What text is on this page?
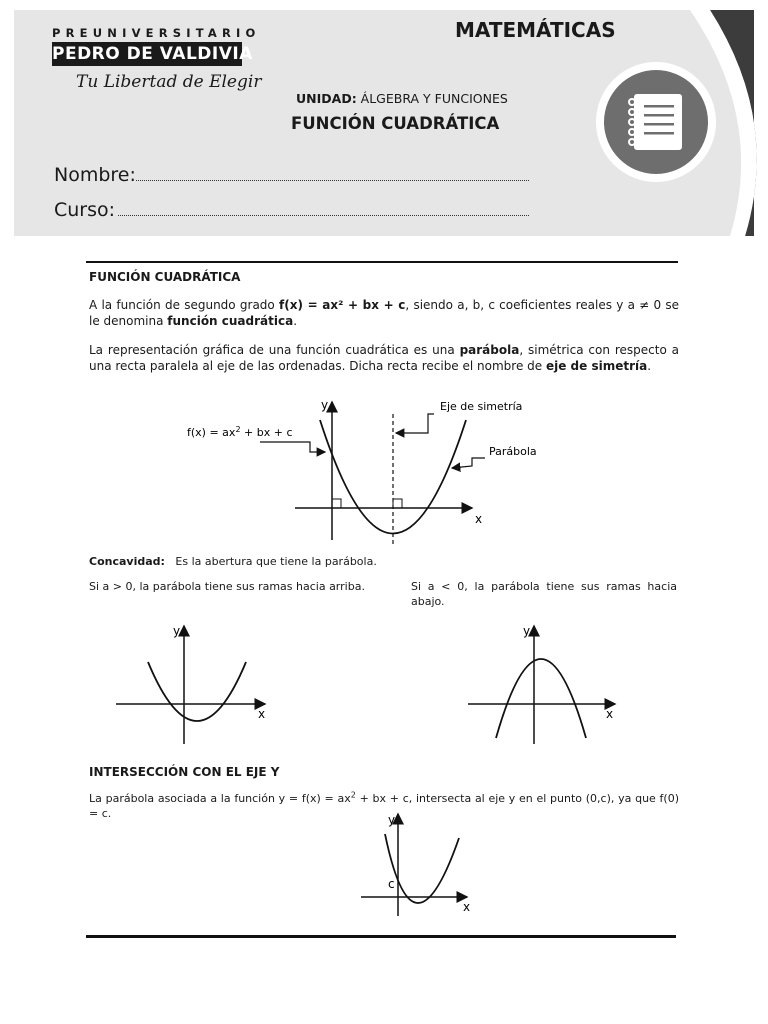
PREUNIVERSITARIO
PEDRO DE VALDIVIA
Tu Libertad de Elegir
MATEMÁTICAS
UNIDAD: ÁLGEBRA Y FUNCIONES
FUNCIÓN CUADRÁTICA
Nombre:
Curso:
FUNCIÓN CUADRÁTICA
A la función de segundo grado f(x) = ax² + bx + c, siendo a, b, c coeficientes reales y a ≠ 0 se le denomina función cuadrática.
La representación gráfica de una función cuadrática es una parábola, simétrica con respecto a una recta paralela al eje de las ordenadas. Dicha recta recibe el nombre de eje de simetría.
y
x
Eje de simetría
$f(x) = ax^2$ + bx + c
Parábola
Concavidad: Es la abertura que tiene la parábola.
Si a > 0, la parábola tiene sus ramas hacia arriba.	Si a < 0, la parábola tiene sus ramas hacia abajo.
y
x
y
x
INTERSECCIÓN CON EL EJE Y
La parábola asociada a la función $y = f(x) = ax^2$ + bx + c, intersecta al eje y en el punto (0,c), ya que f(0) = c.	y
x
c
